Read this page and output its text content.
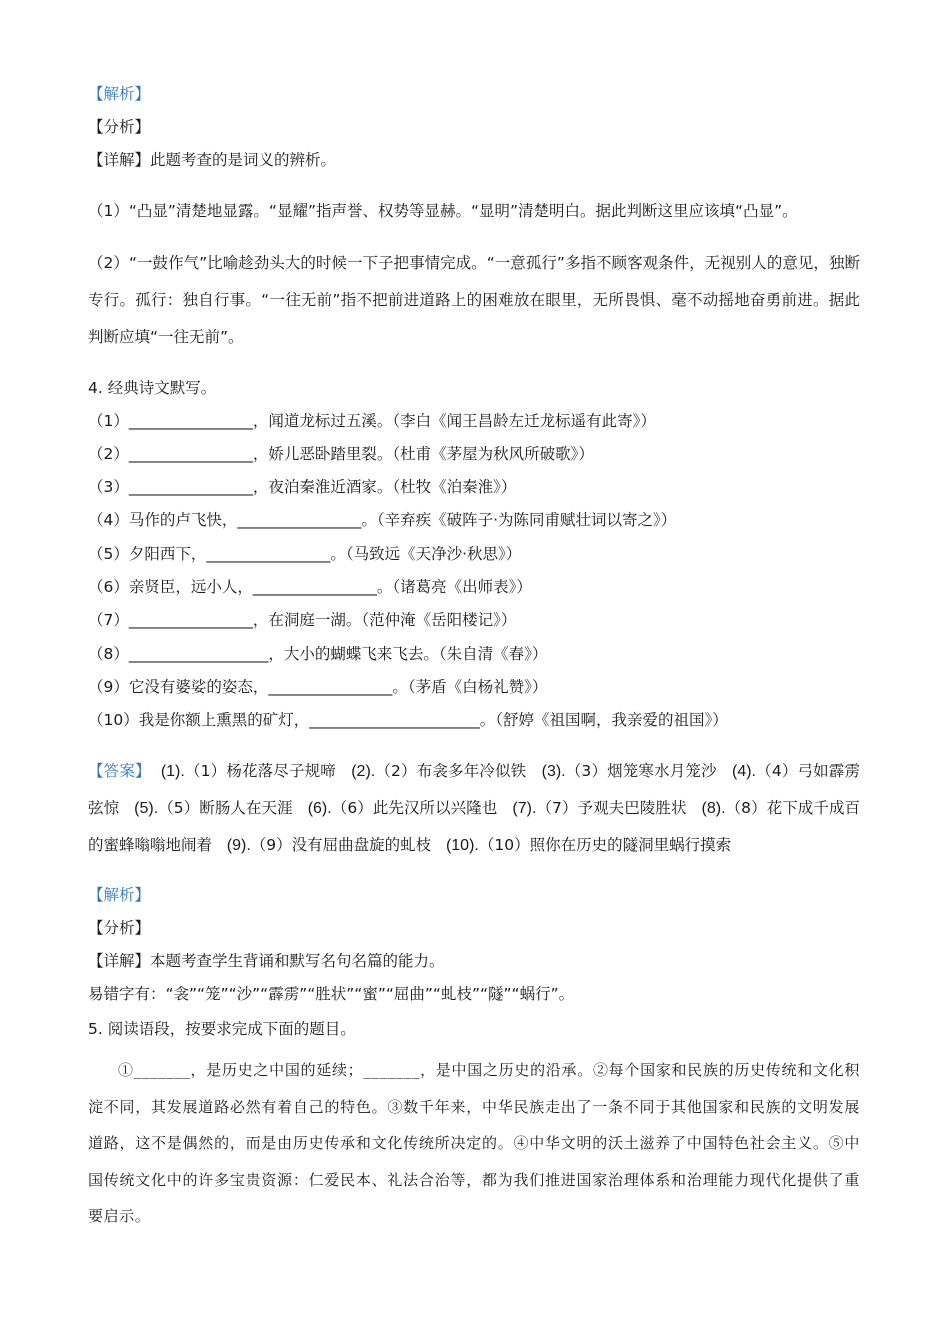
【解析】

【分析】

【详解】此题考查的是词义的辨析。

（1）“凸显”清楚地显露。“显耀”指声誉、权势等显赫。“显明”清楚明白。据此判断这里应该填“凸显”。

（2）“一鼓作气”比喻趁劲头大的时候一下子把事情完成。“一意孤行”多指不顾客观条件，无视别人的意见，独断专行。孤行：独自行事。“一往无前”指不把前进道路上的困难放在眼里，无所畏惧、毫不动摇地奋勇前进。据此判断应填“一往无前”。

4. 经典诗文默写。

（1）________________，闻道龙标过五溪。（李白《闻王昌龄左迁龙标遥有此寄》）

（2）________________，娇儿恶卧踏里裂。（杜甫《茅屋为秋风所破歌》）

（3）________________，夜泊秦淮近酒家。（杜牧《泊秦淮》）

（4）马作的卢飞快，________________。（辛弃疾《破阵子·为陈同甫赋壮词以寄之》）

（5）夕阳西下，________________。（马致远《天净沙·秋思》）

（6）亲贤臣，远小人，________________。（诸葛亮《出师表》）

（7）________________，在洞庭一湖。（范仲淹《岳阳楼记》）

（8）__________________，大小的蝴蝶飞来飞去。（朱自清《春》）

（9）它没有婆娑的姿态，________________。（茅盾《白杨礼赞》）

（10）我是你额上熏黑的矿灯，______________________。（舒婷《祖国啊，我亲爱的祖国》）

【答案】 (1).（1）杨花落尽子规啼 (2).（2）布衾多年冷似铁 (3).（3）烟笼寒水月笼沙 (4).（4）弓如霹雳弦惊 (5).（5）断肠人在天涯 (6).（6）此先汉所以兴隆也 (7).（7）予观夫巴陵胜状 (8).（8）花下成千成百的蜜蜂嗡嗡地闹着 (9).（9）没有屈曲盘旋的虬枝 (10).（10）照你在历史的隧洞里蜗行摸索

【解析】

【分析】

【详解】本题考查学生背诵和默写名句名篇的能力。

易错字有：“衾”“笼”“沙”“霹雳”“胜状”“蜜”“屈曲”“虬枝”“隧”“蜗行”。

5. 阅读语段，按要求完成下面的题目。

①_______，是历史之中国的延续；_______，是中国之历史的沿承。②每个国家和民族的历史传统和文化积淀不同，其发展道路必然有着自己的特色。③数千年来，中华民族走出了一条不同于其他国家和民族的文明发展道路，这不是偶然的，而是由历史传承和文化传统所决定的。④中华文明的沃土滋养了中国特色社会主义。⑤中国传统文化中的许多宝贵资源：仁爱民本、礼法合治等，都为我们推进国家治理体系和治理能力现代化提供了重要启示。
